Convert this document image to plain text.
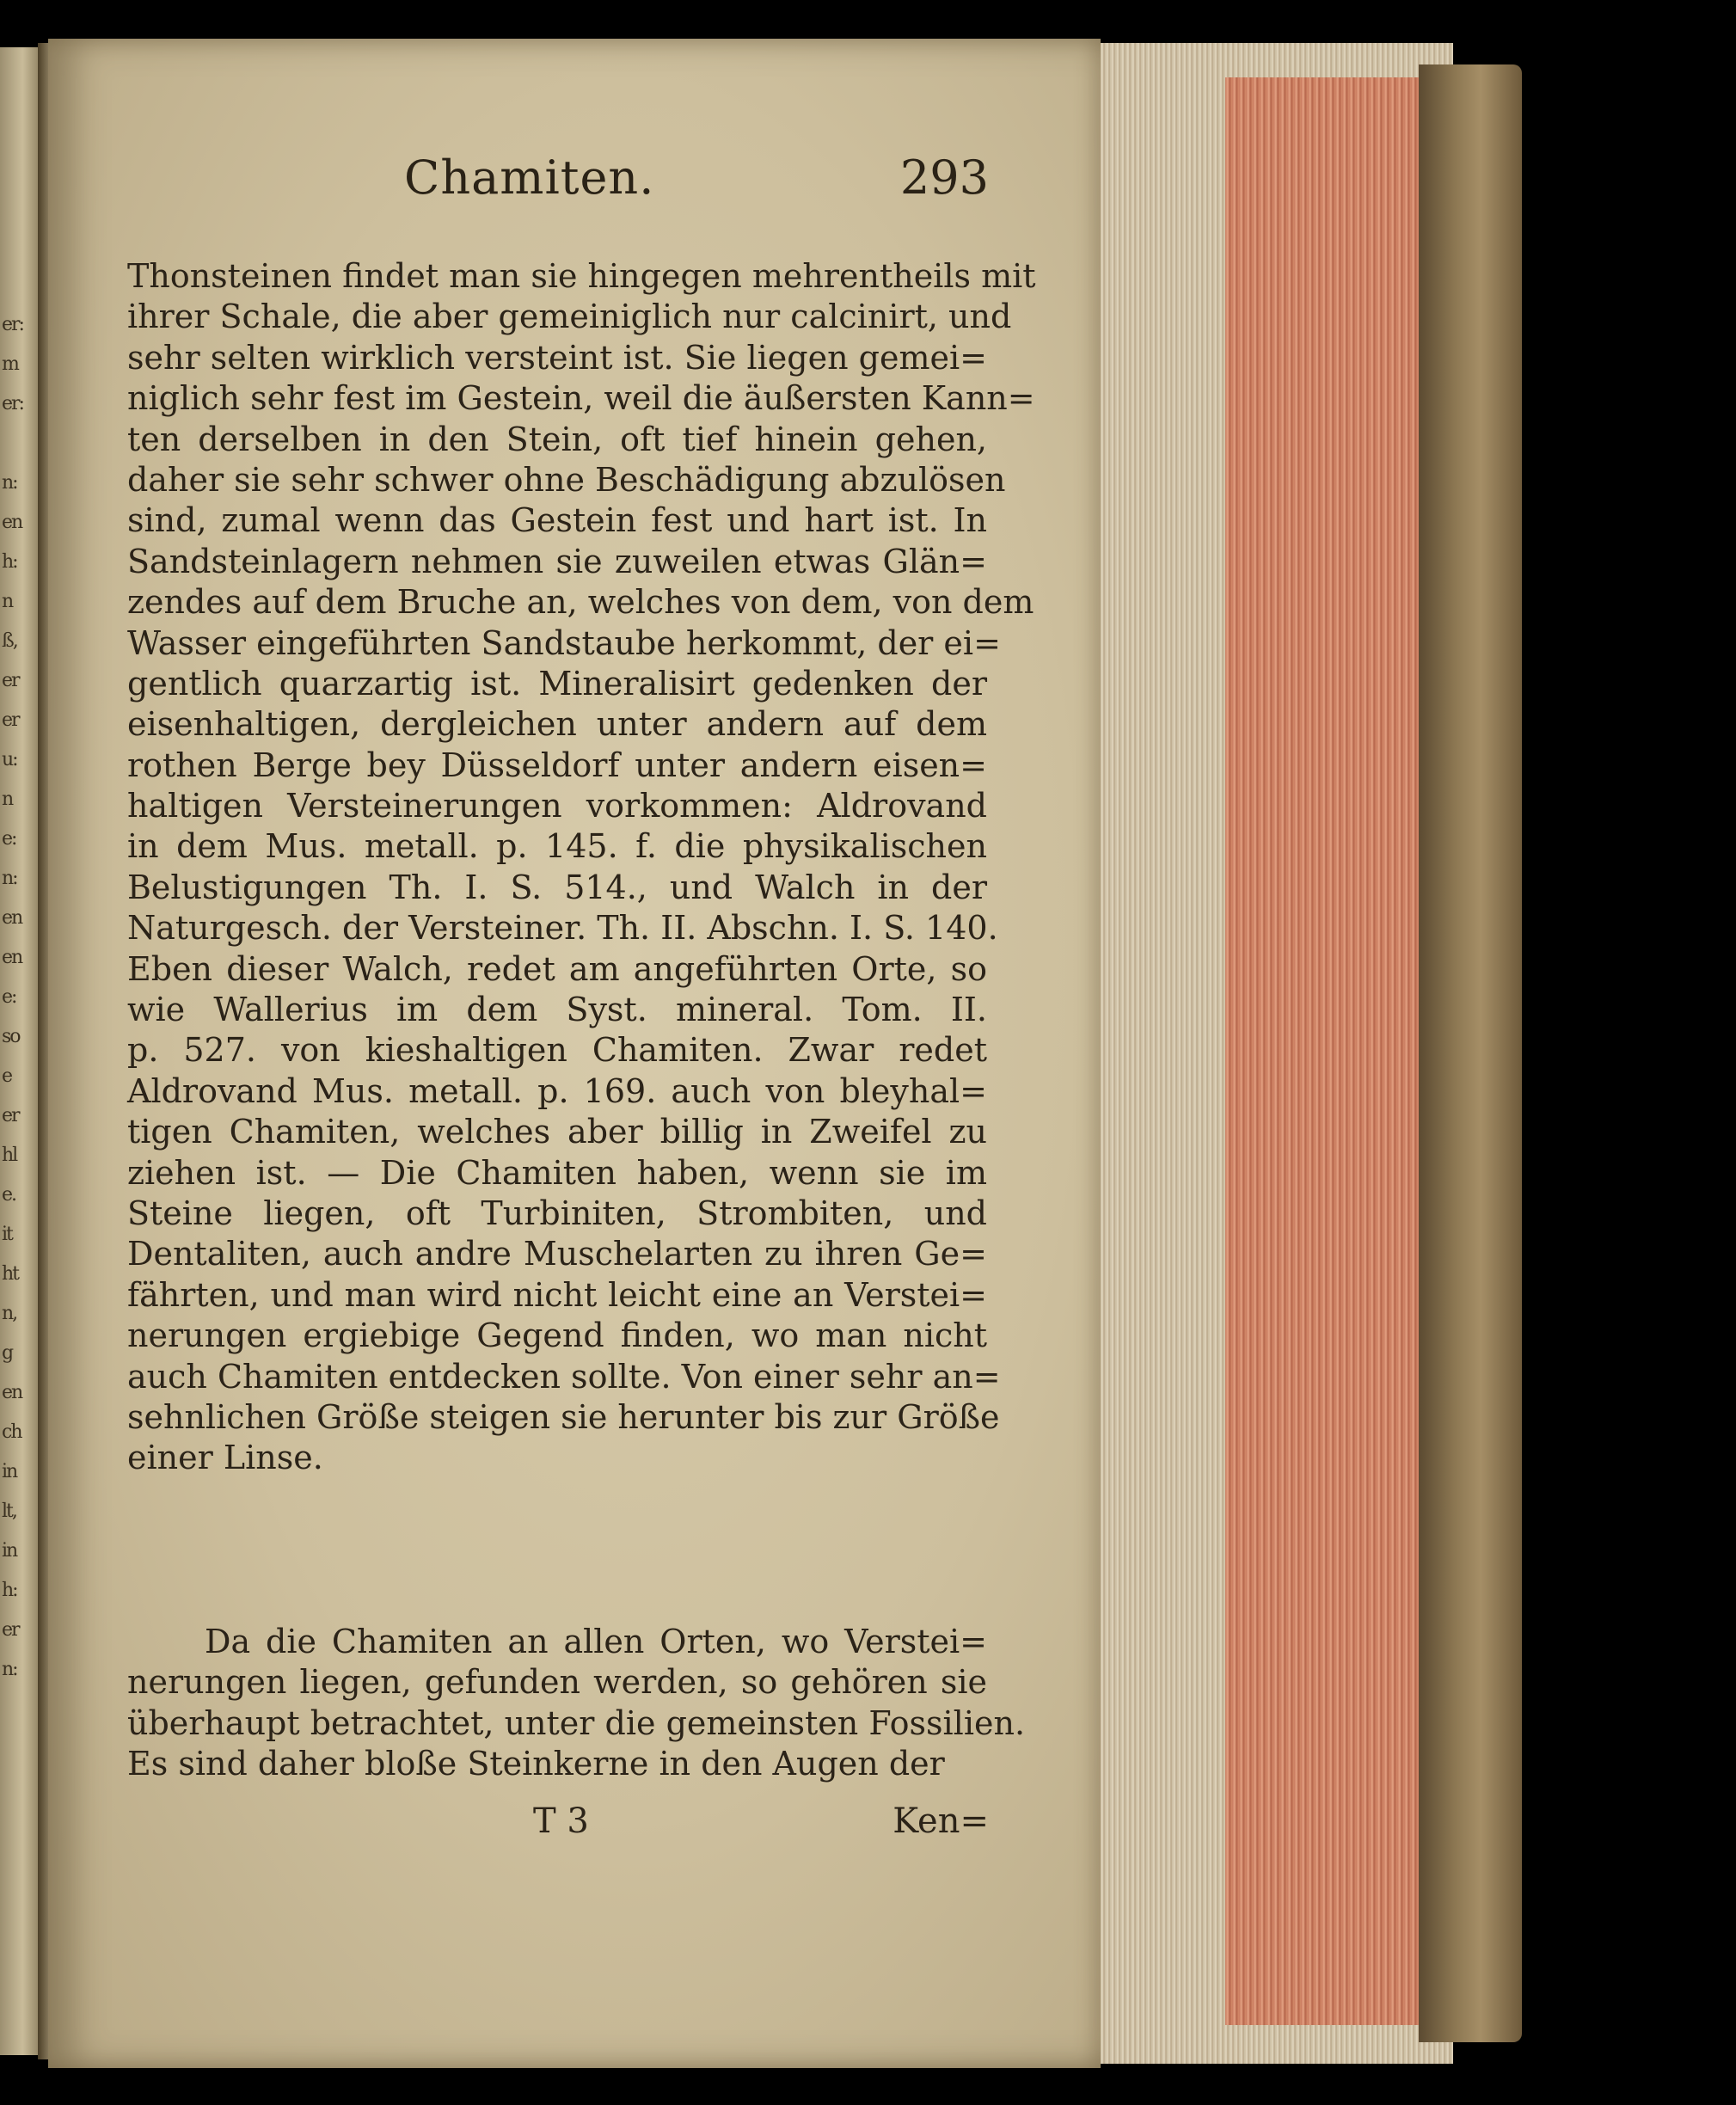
er:
m
er:
n:
en
h:
n
ß,
er
er
u:
n
e:
n:
en
en
e:
so
e
er
hl
e.
it
ht
n,
g
en
ch
in
lt,
in
h:
er
n:
Chamiten.	293
Thonsteinen findet man sie hingegen mehrentheils mit
ihrer Schale, die aber gemeiniglich nur calcinirt, und
sehr selten wirklich versteint ist. Sie liegen gemei=
niglich sehr fest im Gestein, weil die äußersten Kann=
ten derselben in den Stein, oft tief hinein gehen,
daher sie sehr schwer ohne Beschädigung abzulösen
sind, zumal wenn das Gestein fest und hart ist. In
Sandsteinlagern nehmen sie zuweilen etwas Glän=
zendes auf dem Bruche an, welches von dem, von dem
Wasser eingeführten Sandstaube herkommt, der ei=
gentlich quarzartig ist. Mineralisirt gedenken der
eisenhaltigen, dergleichen unter andern auf dem
rothen Berge bey Düsseldorf unter andern eisen=
haltigen Versteinerungen vorkommen: Aldrovand
in dem Mus. metall. p. 145. f. die physikalischen
Belustigungen Th. I. S. 514., und Walch in der
Naturgesch. der Versteiner. Th. II. Abschn. I. S. 140.
Eben dieser Walch, redet am angeführten Orte, so
wie Wallerius im dem Syst. mineral. Tom. II.
p. 527. von kieshaltigen Chamiten. Zwar redet
Aldrovand Mus. metall. p. 169. auch von bleyhal=
tigen Chamiten, welches aber billig in Zweifel zu
ziehen ist. — Die Chamiten haben, wenn sie im
Steine liegen, oft Turbiniten, Strombiten, und
Dentaliten, auch andre Muschelarten zu ihren Ge=
fährten, und man wird nicht leicht eine an Verstei=
nerungen ergiebige Gegend finden, wo man nicht
auch Chamiten entdecken sollte. Von einer sehr an=
sehnlichen Größe steigen sie herunter bis zur Größe
einer Linse.
Da die Chamiten an allen Orten, wo Verstei=
nerungen liegen, gefunden werden, so gehören sie
überhaupt betrachtet, unter die gemeinsten Fossilien.
Es sind daher bloße Steinkerne in den Augen der
T 3	Ken=
